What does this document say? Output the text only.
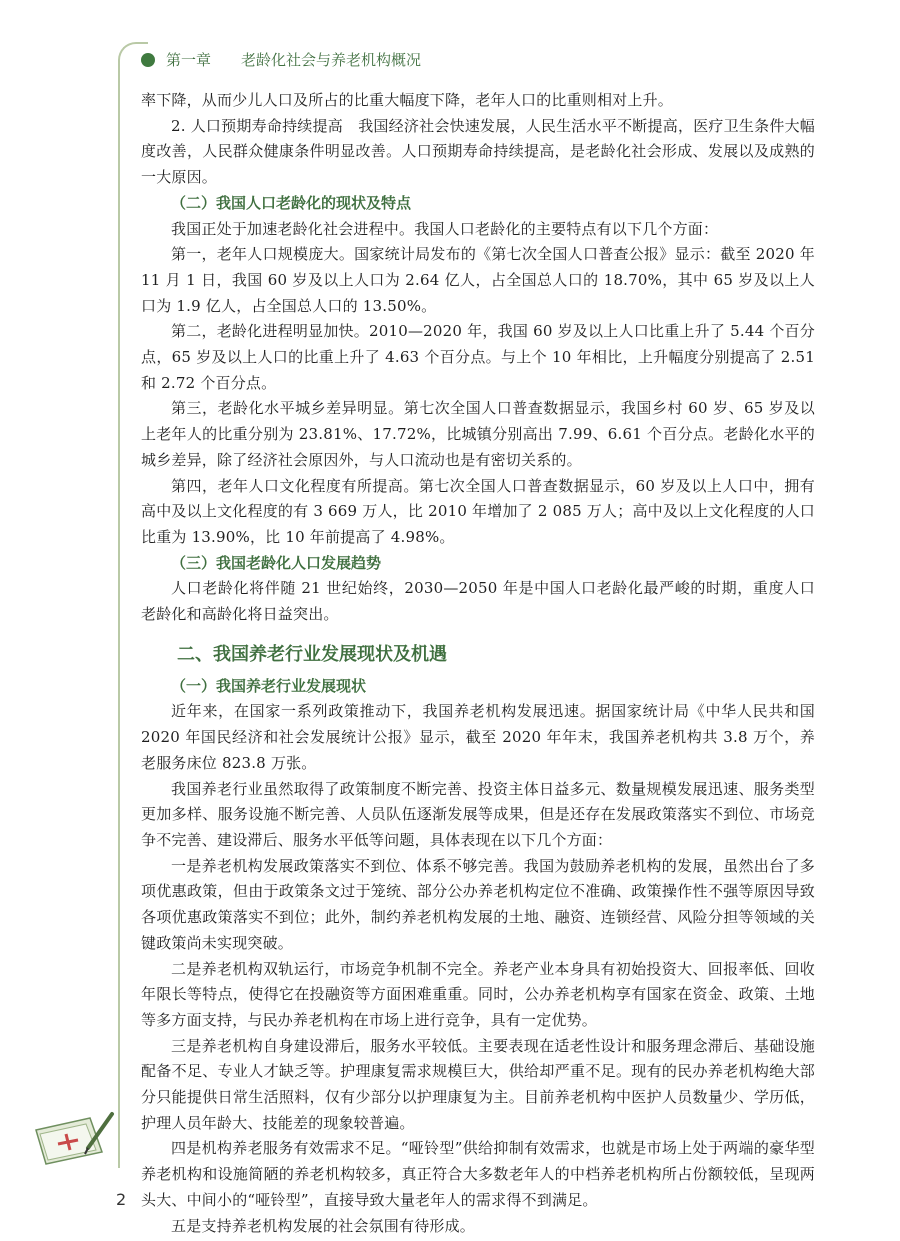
第一章　　 老龄化社会与养老机构概况

率下降，从而少儿人口及所占的比重大幅度下降，老年人口的比重则相对上升。

2. 人口预期寿命持续提高　我国经济社会快速发展，人民生活水平不断提高，医疗卫生条件大幅度改善，人民群众健康条件明显改善。人口预期寿命持续提高，是老龄化社会形成、发展以及成熟的一大原因。

（二）我国人口老龄化的现状及特点

我国正处于加速老龄化社会进程中。我国人口老龄化的主要特点有以下几个方面：

第一，老年人口规模庞大。国家统计局发布的《第七次全国人口普查公报》显示：截至 2020 年 11 月 1 日，我国 60 岁及以上人口为 2.64 亿人，占全国总人口的 18.70%，其中 65 岁及以上人口为 1.9 亿人，占全国总人口的 13.50%。

第二，老龄化进程明显加快。2010—2020 年，我国 60 岁及以上人口比重上升了 5.44 个百分点，65 岁及以上人口的比重上升了 4.63 个百分点。与上个 10 年相比，上升幅度分别提高了 2.51 和 2.72 个百分点。

第三，老龄化水平城乡差异明显。第七次全国人口普查数据显示，我国乡村 60 岁、65 岁及以上老年人的比重分别为 23.81%、17.72%，比城镇分别高出 7.99、6.61 个百分点。老龄化水平的城乡差异，除了经济社会原因外，与人口流动也是有密切关系的。

第四，老年人口文化程度有所提高。第七次全国人口普查数据显示，60 岁及以上人口中，拥有高中及以上文化程度的有 3 669 万人，比 2010 年增加了 2 085 万人；高中及以上文化程度的人口比重为 13.90%，比 10 年前提高了 4.98%。

（三）我国老龄化人口发展趋势

人口老龄化将伴随 21 世纪始终，2030—2050 年是中国人口老龄化最严峻的时期，重度人口老龄化和高龄化将日益突出。

二、我国养老行业发展现状及机遇

（一）我国养老行业发展现状

近年来，在国家一系列政策推动下，我国养老机构发展迅速。据国家统计局《中华人民共和国 2020 年国民经济和社会发展统计公报》显示，截至 2020 年年末，我国养老机构共 3.8 万个，养老服务床位 823.8 万张。

我国养老行业虽然取得了政策制度不断完善、投资主体日益多元、数量规模发展迅速、服务类型更加多样、服务设施不断完善、人员队伍逐渐发展等成果，但是还存在发展政策落实不到位、市场竞争不完善、建设滞后、服务水平低等问题，具体表现在以下几个方面：

一是养老机构发展政策落实不到位、体系不够完善。我国为鼓励养老机构的发展，虽然出台了多项优惠政策，但由于政策条文过于笼统、部分公办养老机构定位不准确、政策操作性不强等原因导致各项优惠政策落实不到位；此外，制约养老机构发展的土地、融资、连锁经营、风险分担等领域的关键政策尚未实现突破。

二是养老机构双轨运行，市场竞争机制不完全。养老产业本身具有初始投资大、回报率低、回收年限长等特点，使得它在投融资等方面困难重重。同时，公办养老机构享有国家在资金、政策、土地等多方面支持，与民办养老机构在市场上进行竞争，具有一定优势。

三是养老机构自身建设滞后，服务水平较低。主要表现在适老性设计和服务理念滞后、基础设施配备不足、专业人才缺乏等。护理康复需求规模巨大，供给却严重不足。现有的民办养老机构绝大部分只能提供日常生活照料，仅有少部分以护理康复为主。目前养老机构中医护人员数量少、学历低，护理人员年龄大、技能差的现象较普遍。

四是机构养老服务有效需求不足。“哑铃型”供给抑制有效需求，也就是市场上处于两端的豪华型养老机构和设施简陋的养老机构较多，真正符合大多数老年人的中档养老机构所占份额较低，呈现两头大、中间小的“哑铃型”，直接导致大量老年人的需求得不到满足。

五是支持养老机构发展的社会氛围有待形成。

2
